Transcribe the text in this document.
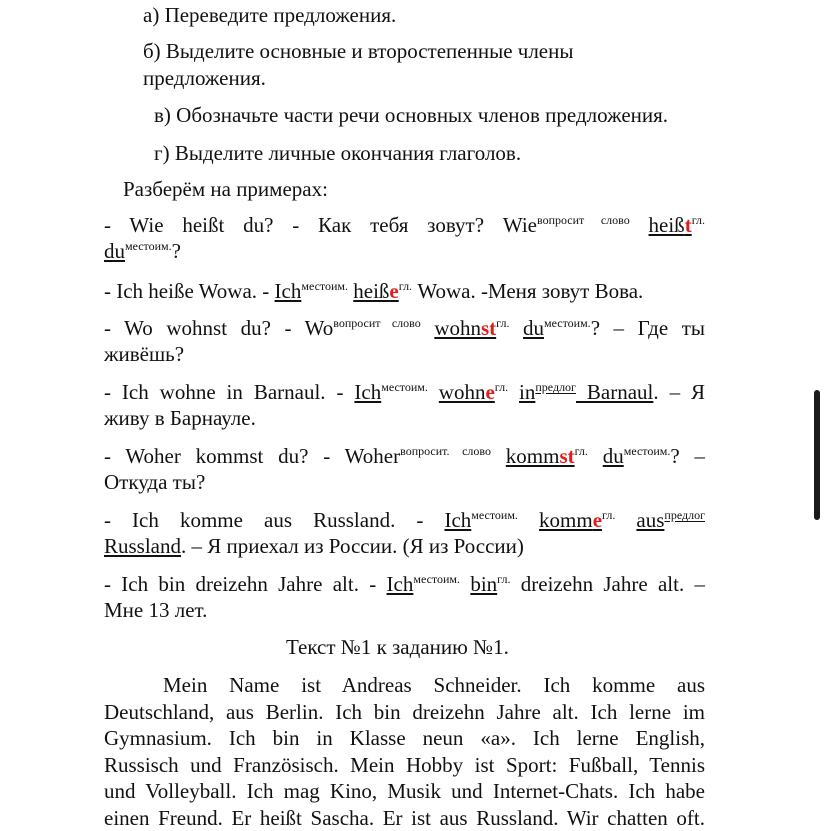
а) Переведите предложения.
б) Выделите основные и второстепенные члены
предложения.
в) Обозначьте части речи основных членов предложения.
г) Выделите личные окончания глаголов.
Разберём на примерах:
- Wie heißt du? - Как тебя зовут? Wie$^{вопросит слово}$ heißt$^{гл.}$
$du^{местоим.}$?
- Ich heiße Wowa. - Ich$^{местоим.}$ heiße$^{гл.}$ Wowa. -Меня зовут Вова.
- Wo wohnst du? - $Wo^{вопросит слово}$ wohnst$^{гл.}$ $du^{местоим.}$? – Где ты
живёшь?
- Ich wohne in Barnaul. - Ich$^{местоим.}$ wohne$^{гл.}$ $in^{предлог}$ Barnaul. – Я
живу в Барнауле.
- Woher kommst du? - Woher$^{вопросит. слово}$ kommst$^{гл.}$ $du^{местоим.}$? –
Откуда ты?
- Ich komme aus Russland. - Ich$^{местоим.}$ komme$^{гл.}$ aus$^{предлог}$
Russland. – Я приехал из России. (Я из России)
- Ich bin dreizehn Jahre alt. - Ich$^{местоим.}$ bin$^{гл.}$ dreizehn Jahre alt. –
Мне 13 лет.
Текст №1 к заданию №1.
Mein Name ist Andreas Schneider. Ich komme aus
Deutschland, aus Berlin. Ich bin dreizehn Jahre alt. Ich lerne im
Gymnasium. Ich bin in Klasse neun «a». Ich lerne English,
Russisch und Französisch. Mein Hobby ist Sport: Fußball, Tennis
und Volleyball. Ich mag Kino, Musik und Internet-Chats. Ich habe
einen Freund. Er heißt Sascha. Er ist aus Russland. Wir chatten oft.
